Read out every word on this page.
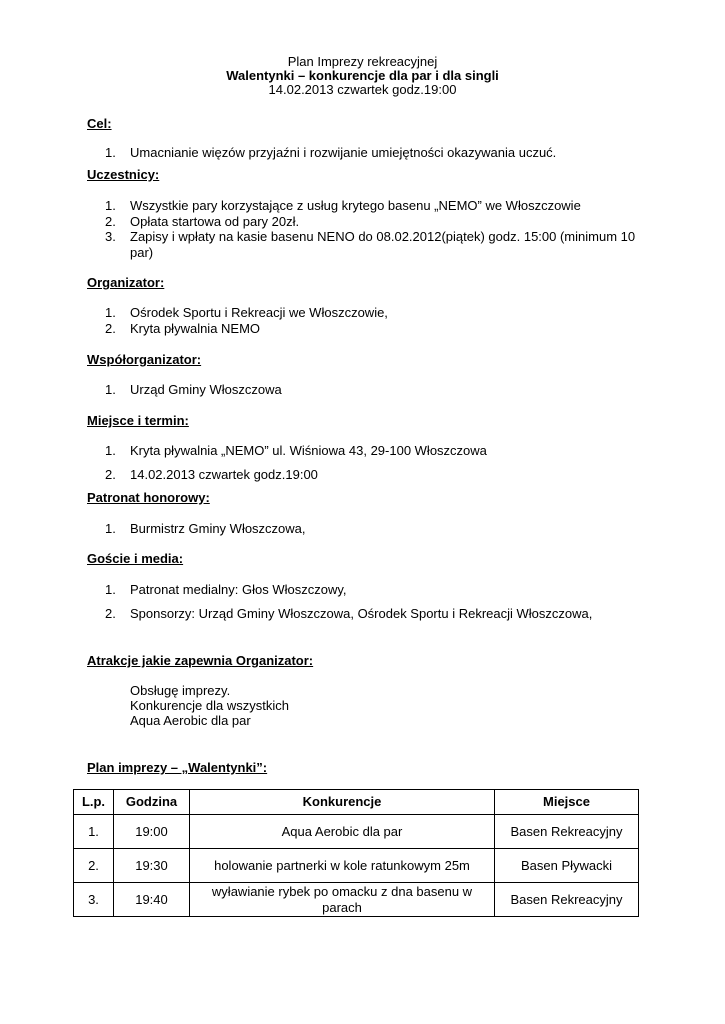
Plan Imprezy rekreacyjnej
Walentynki – konkurencje dla par i dla singli
14.02.2013 czwartek godz.19:00
Cel:
1. Umacnianie więzów przyjaźni i rozwijanie umiejętności okazywania uczuć.
Uczestnicy:
1. Wszystkie pary korzystające z usług krytego basenu „NEMO” we Włoszczowie
2. Opłata startowa od pary 20zł.
3. Zapisy i wpłaty na kasie basenu NENO do 08.02.2012(piątek) godz. 15:00 (minimum 10 par)
Organizator:
1. Ośrodek Sportu i Rekreacji we Włoszczowie,
2. Kryta pływalnia NEMO
Współorganizator:
1. Urząd Gminy Włoszczowa
Miejsce i termin:
1. Kryta pływalnia „NEMO” ul. Wiśniowa 43, 29-100 Włoszczowa
2. 14.02.2013 czwartek godz.19:00
Patronat honorowy:
1. Burmistrz Gminy Włoszczowa,
Goście i media:
1. Patronat medialny: Głos Włoszczowy,
2. Sponsorzy: Urząd Gminy Włoszczowa, Ośrodek Sportu i Rekreacji Włoszczowa,
Atrakcje jakie zapewnia Organizator:
Obsługę imprezy.
Konkurencje dla wszystkich
Aqua Aerobic dla par
Plan imprezy – „Walentynki”:
L.p.	Godzina	Konkurencje	Miejsce
1.	19:00	Aqua Aerobic dla par	Basen Rekreacyjny
2.	19:30	holowanie partnerki w kole ratunkowym 25m	Basen Pływacki
3.	19:40	wyławianie rybek po omacku z dna basenu w parach	Basen Rekreacyjny
